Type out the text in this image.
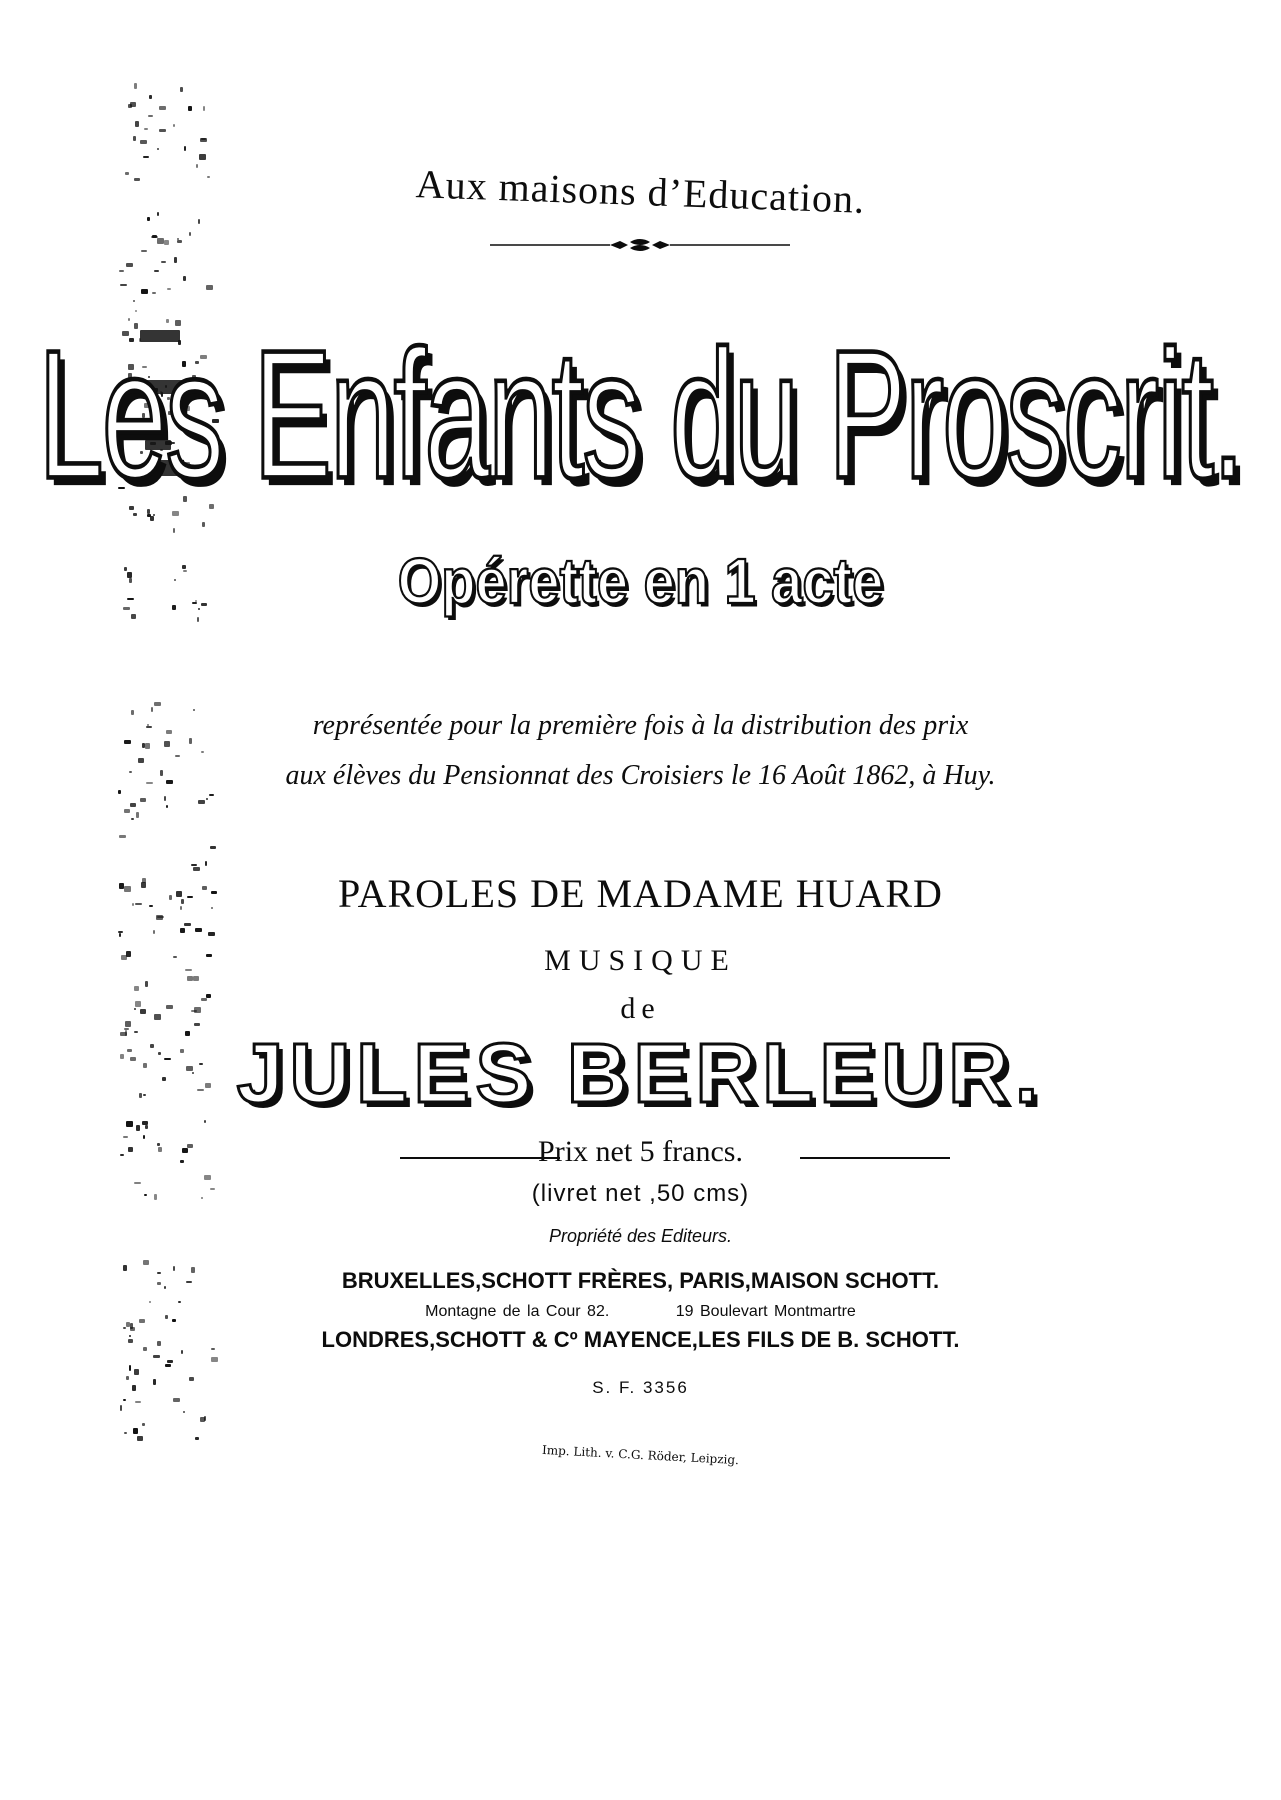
Aux maisons d’Education.
Les Enfants du Proscrit.
Opérette en 1 acte
représentée pour la première fois à la distribution des prix
aux élèves du Pensionnat des Croisiers le 16 Août 1862, à Huy.
PAROLES DE MADAME HUARD
MUSIQUE
de
JULES BERLEUR.
Prix net 5 francs.
(livret net ,50 cms)
Propriété des Editeurs.
BRUXELLES,SCHOTT FRÈRES, PARIS,MAISON SCHOTT.
Montagne de la Cour 82.	19 Boulevart Montmartre
LONDRES,SCHOTT & Cº MAYENCE,LES FILS DE B. SCHOTT.
S. F. 3356
Imp. Lith. v. C.G. Röder, Leipzig.
